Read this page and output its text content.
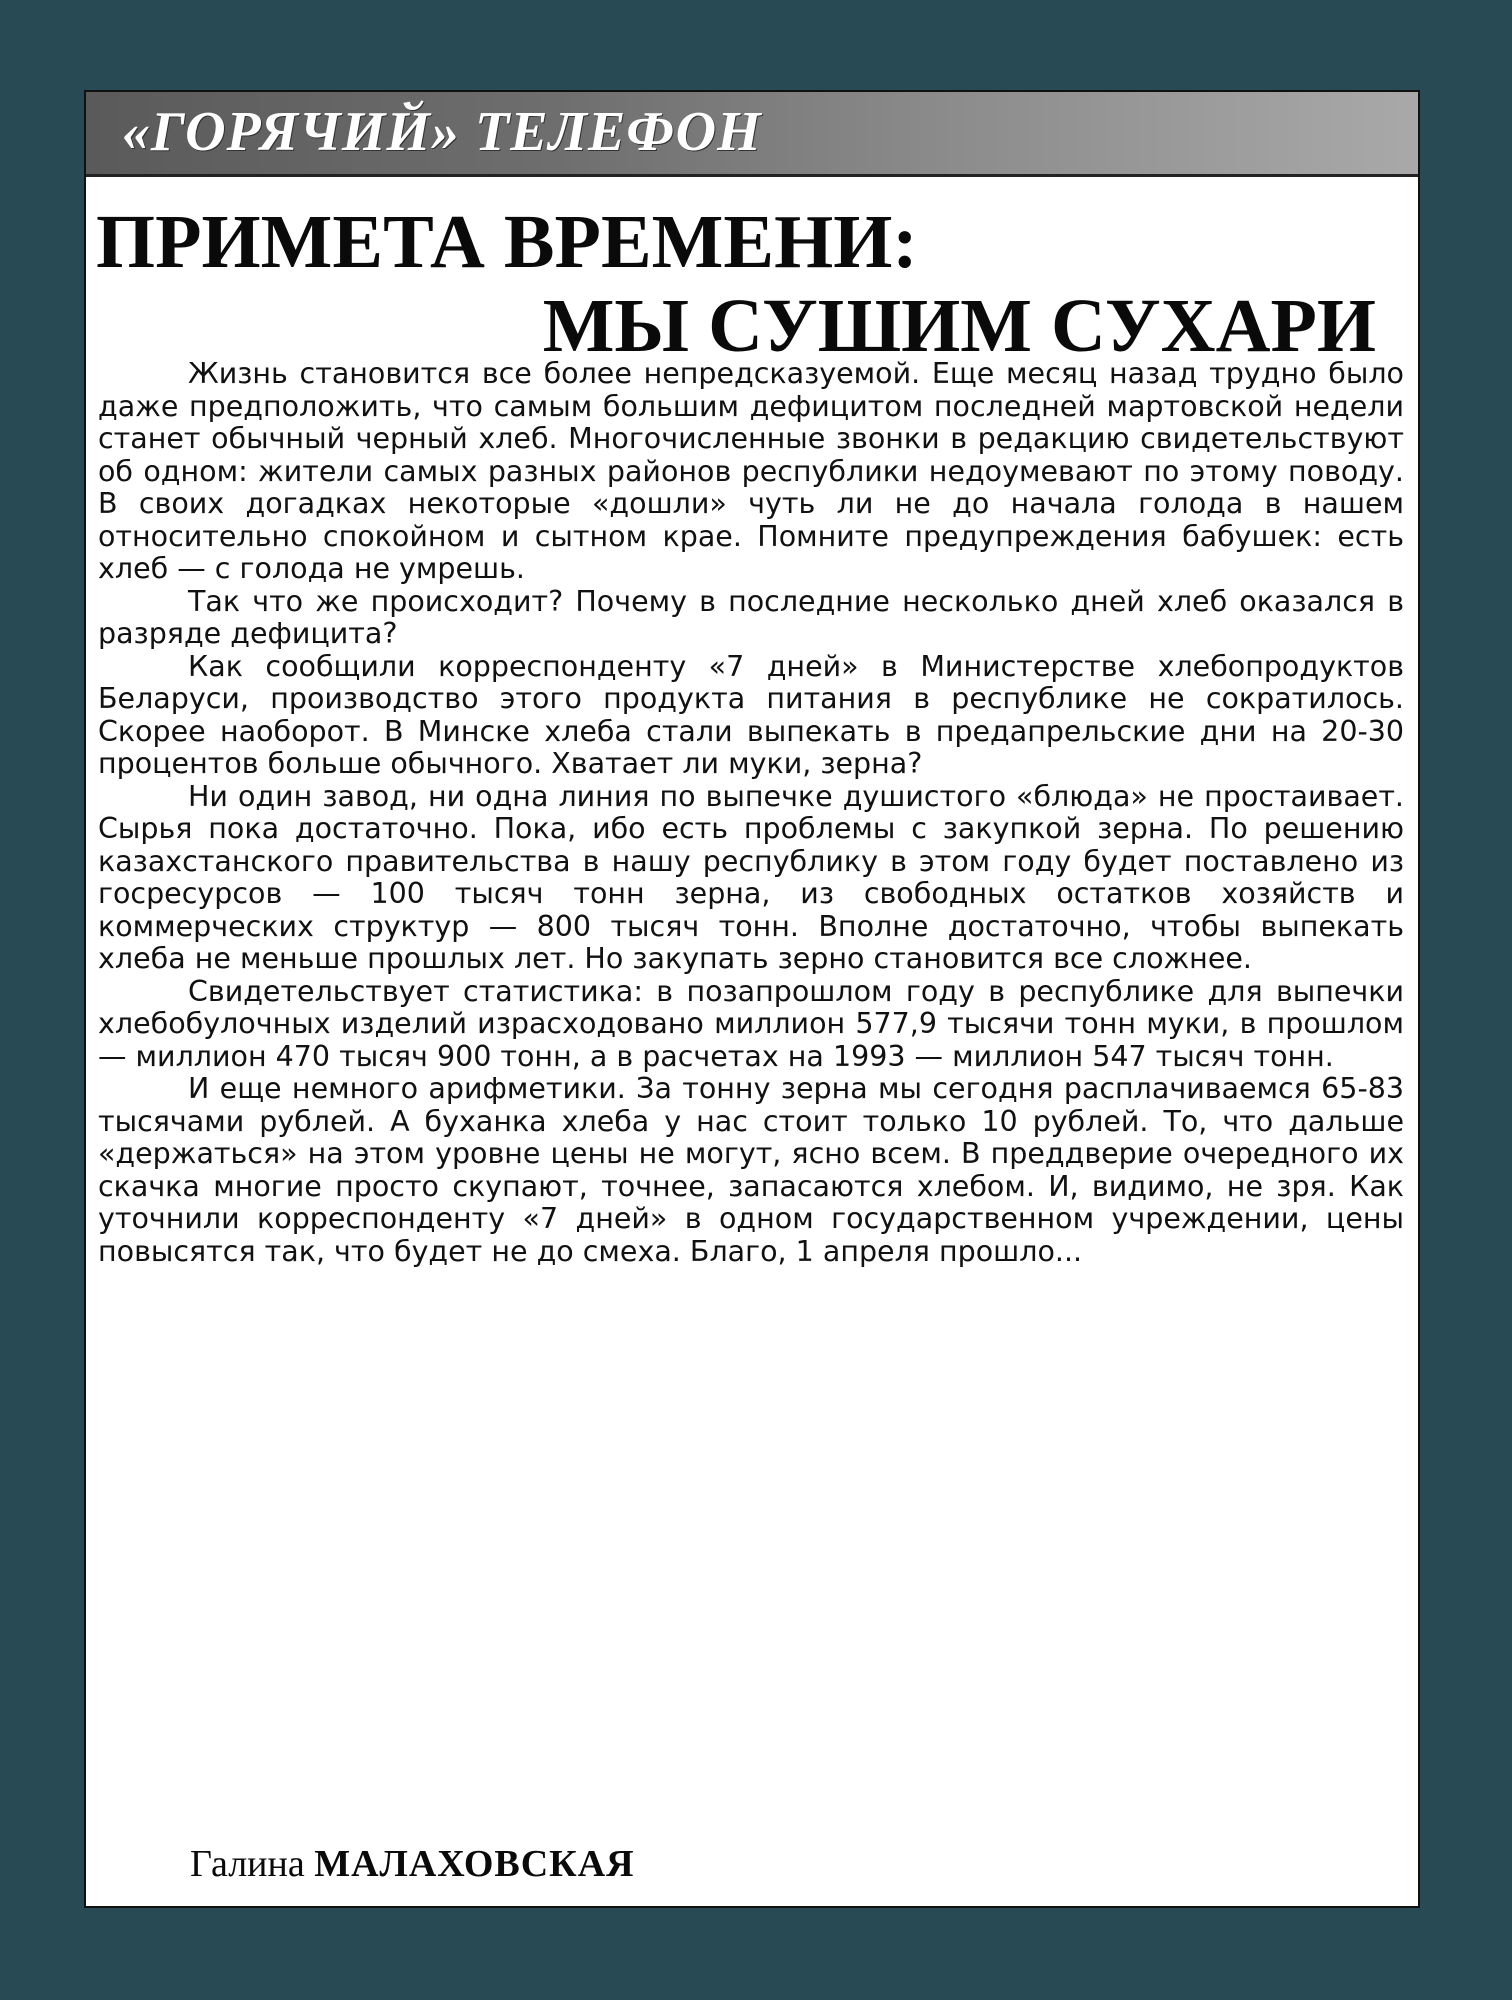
«ГОРЯЧИЙ» ТЕЛЕФОН
ПРИМЕТА ВРЕМЕНИ:
МЫ СУШИМ СУХАРИ

Жизнь становится все более непредсказуемой. Еще месяц назад трудно было даже предположить, что самым большим дефицитом последней мартовской недели станет обычный черный хлеб. Многочисленные звонки в редакцию свидетельствуют об одном: жители самых разных районов республики недоумевают по этому поводу. В своих догадках некоторые «дошли» чуть ли не до начала голода в нашем относительно спокойном и сытном крае. Помните предупреждения бабушек: есть хлеб — с голода не умрешь.

Так что же происходит? Почему в последние несколько дней хлеб оказался в разряде дефицита?

Как сообщили корреспонденту «7 дней» в Министерстве хлебопродуктов Беларуси, производство этого продукта питания в республике не сократилось. Скорее наоборот. В Минске хлеба стали выпекать в предапрельские дни на 20-30 процентов больше обычного. Хватает ли муки, зерна?

Ни один завод, ни одна линия по выпечке душистого «блюда» не простаивает. Сырья пока достаточно. Пока, ибо есть проблемы с закупкой зерна. По решению казахстанского правительства в нашу республику в этом году будет поставлено из госресурсов — 100 тысяч тонн зерна, из свободных остатков хозяйств и коммерческих структур — 800 тысяч тонн. Вполне достаточно, чтобы выпекать хлеба не меньше прошлых лет. Но закупать зерно становится все сложнее.

Свидетельствует статистика: в позапрошлом году в республике для выпечки хлебобулочных изделий израсходовано миллион 577,9 тысячи тонн муки, в прошлом — миллион 470 тысяч 900 тонн, а в расчетах на 1993 — миллион 547 тысяч тонн.

И еще немного арифметики. За тонну зерна мы сегодня расплачиваемся 65-83 тысячами рублей. А буханка хлеба у нас стоит только 10 рублей. То, что дальше «держаться» на этом уровне цены не могут, ясно всем. В преддверие очередного их скачка многие просто скупают, точнее, запасаются хлебом. И, видимо, не зря. Как уточнили корреспонденту «7 дней» в одном государственном учреждении, цены повысятся так, что будет не до смеха. Благо, 1 апреля прошло...

Галина МАЛАХОВСКАЯ
